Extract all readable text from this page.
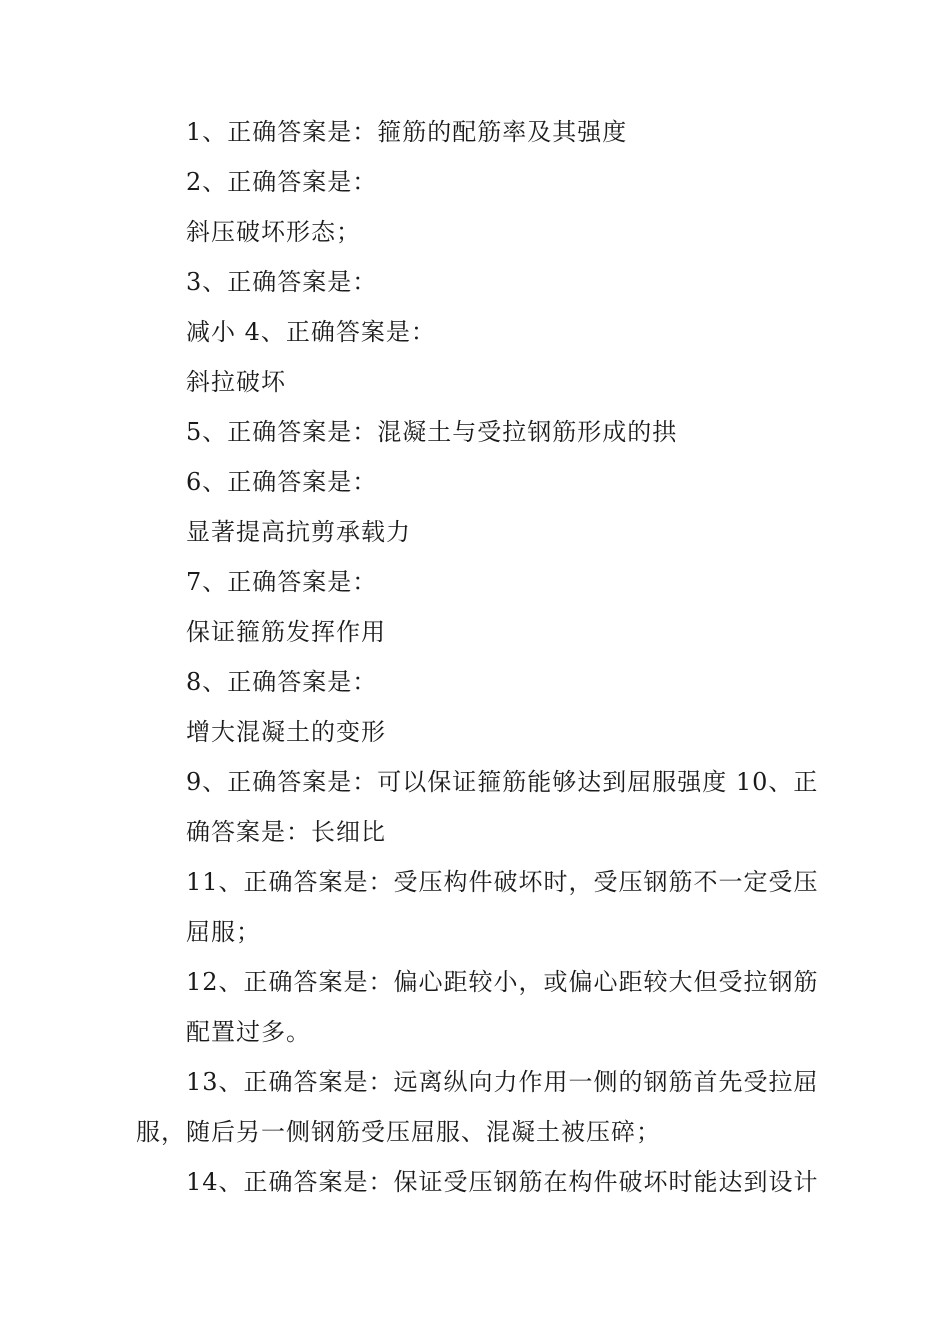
1、正确答案是：箍筋的配筋率及其强度
2、正确答案是：
斜压破坏形态；
3、正确答案是：
减小 4、正确答案是：
斜拉破坏
5、正确答案是：混凝土与受拉钢筋形成的拱
6、正确答案是：
显著提高抗剪承载力
7、正确答案是：
保证箍筋发挥作用
8、正确答案是：
增大混凝土的变形
9、正确答案是：可以保证箍筋能够达到屈服强度 10、正
确答案是：长细比
11、正确答案是：受压构件破坏时，受压钢筋不一定受压
屈服；
12、正确答案是：偏心距较小，或偏心距较大但受拉钢筋
配置过多。
13、正确答案是：远离纵向力作用一侧的钢筋首先受拉屈
服，随后另一侧钢筋受压屈服、混凝土被压碎；
14、正确答案是：保证受压钢筋在构件破坏时能达到设计
